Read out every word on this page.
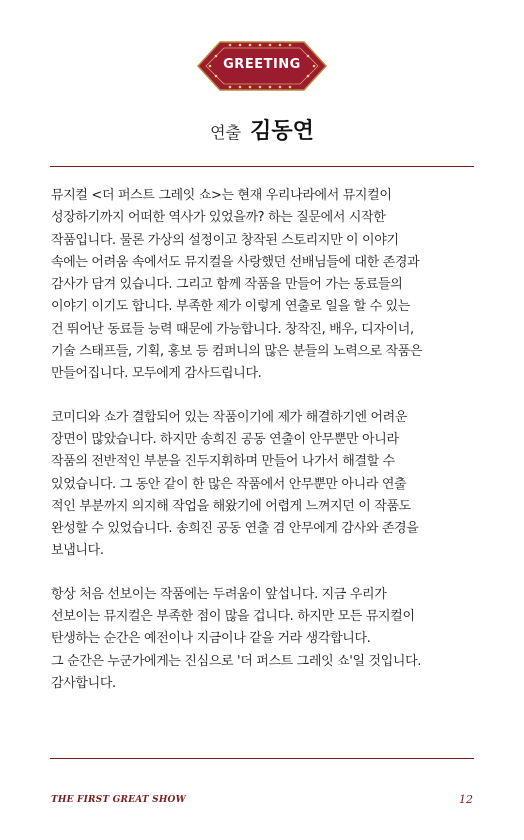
GREETING
연출 김동연

뮤지컬 <더 퍼스트 그레잇 쇼>는 현재 우리나라에서 뮤지컬이
성장하기까지 어떠한 역사가 있었을까? 하는 질문에서 시작한
작품입니다. 물론 가상의 설정이고 창작된 스토리지만 이 이야기
속에는 어려움 속에서도 뮤지컬을 사랑했던 선배님들에 대한 존경과
감사가 담겨 있습니다. 그리고 함께 작품을 만들어 가는 동료들의
이야기 이기도 합니다. 부족한 제가 이렇게 연출로 일을 할 수 있는
건 뛰어난 동료들 능력 때문에 가능합니다. 창작진, 배우, 디자이너,
기술 스태프들, 기획, 홍보 등 컴퍼니의 많은 분들의 노력으로 작품은
만들어집니다. 모두에게 감사드립니다.

코미디와 쇼가 결합되어 있는 작품이기에 제가 해결하기엔 어려운
장면이 많았습니다. 하지만 송희진 공동 연출이 안무뿐만 아니라
작품의 전반적인 부분을 진두지휘하며 만들어 나가서 해결할 수
있었습니다. 그 동안 같이 한 많은 작품에서 안무뿐만 아니라 연출
적인 부분까지 의지해 작업을 해왔기에 어렵게 느껴지던 이 작품도
완성할 수 있었습니다. 송희진 공동 연출 겸 안무에게 감사와 존경을
보냅니다.

항상 처음 선보이는 작품에는 두려움이 앞섭니다. 지금 우리가
선보이는 뮤지컬은 부족한 점이 많을 겁니다. 하지만 모든 뮤지컬이
탄생하는 순간은 예전이나 지금이나 같을 거라 생각합니다.
그 순간은 누군가에게는 진심으로 '더 퍼스트 그레잇 쇼'일 것입니다.
감사합니다.

THE FIRST GREAT SHOW	12
